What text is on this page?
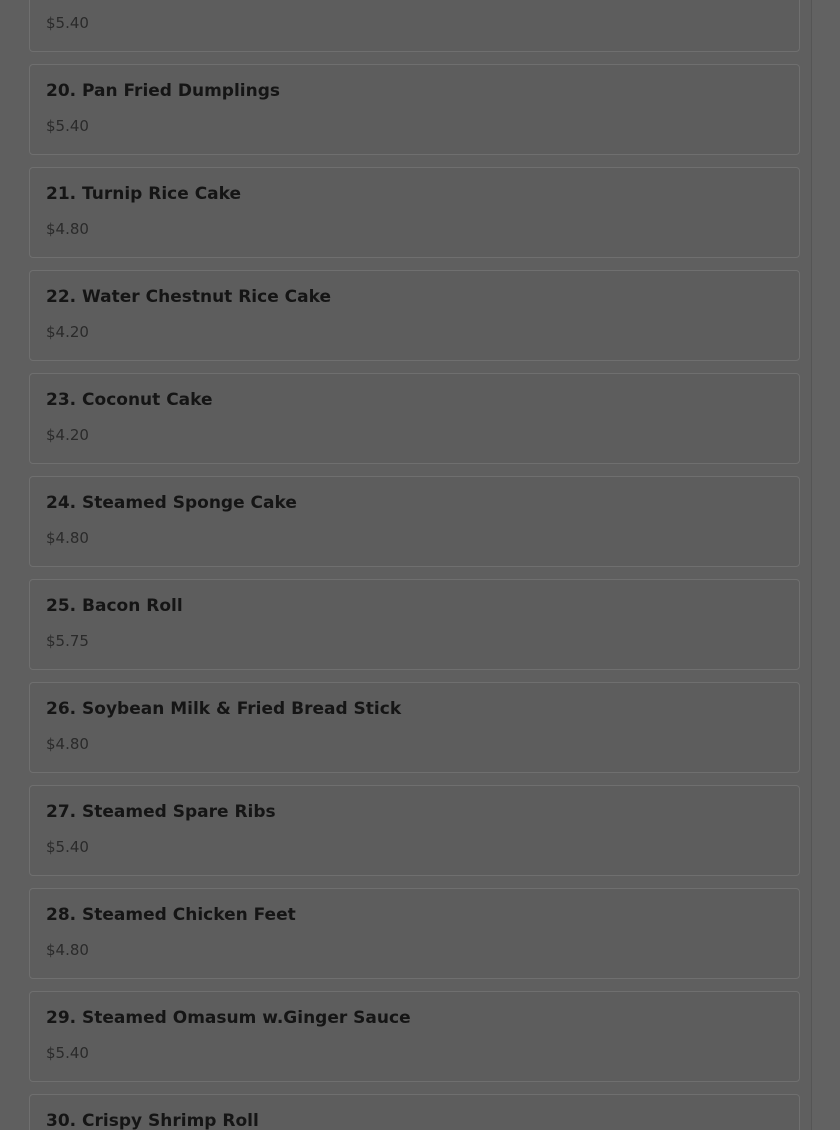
$5.40
20. Pan Fried Dumplings
$5.40
21. Turnip Rice Cake
$4.80
22. Water Chestnut Rice Cake
$4.20
23. Coconut Cake
$4.20
24. Steamed Sponge Cake
$4.80
25. Bacon Roll
$5.75
26. Soybean Milk & Fried Bread Stick
$4.80
27. Steamed Spare Ribs
$5.40
28. Steamed Chicken Feet
$4.80
29. Steamed Omasum w.Ginger Sauce
$5.40
30. Crispy Shrimp Roll
